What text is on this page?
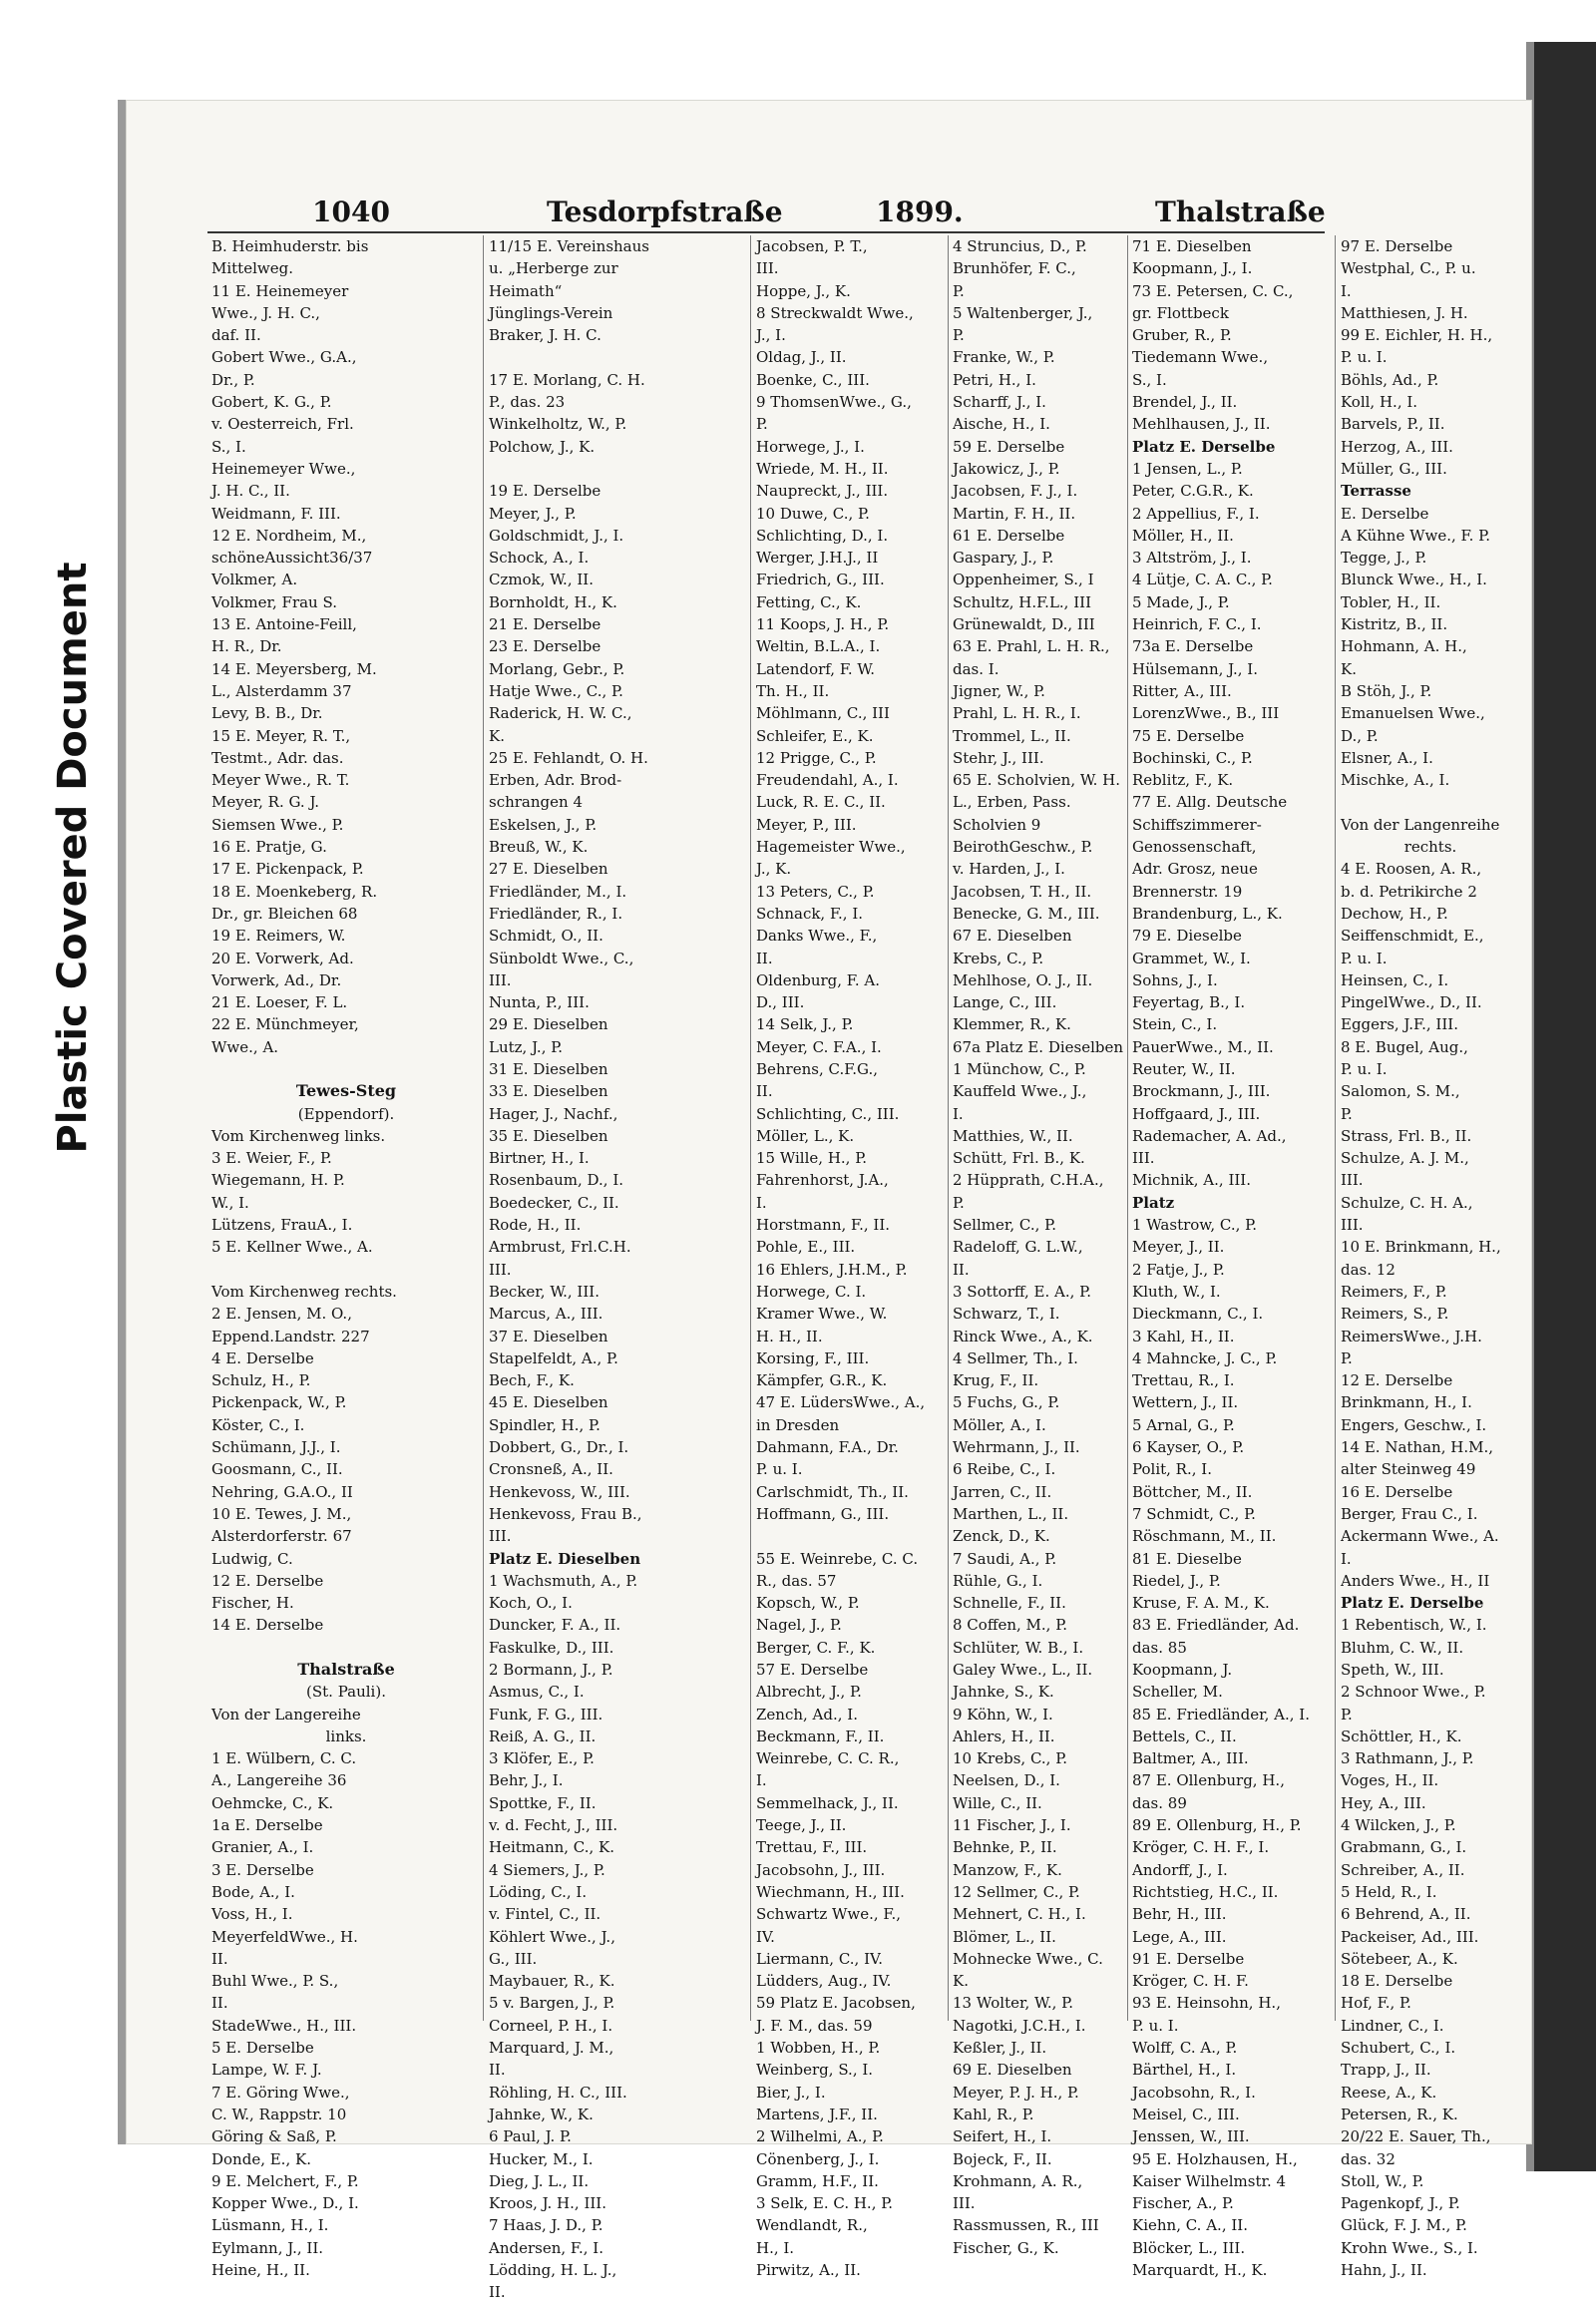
Plastic Covered Document
1040	Tesdorpfstraße	1899.	Thalstraße
B. Heimhuderstr. bis
Mittelweg.
11 E. Heinemeyer
Wwe., J. H. C.,
daf. II.
Gobert Wwe., G.A.,
Dr., P.
Gobert, K. G., P.
v. Oesterreich, Frl.
S., I.
Heinemeyer Wwe.,
J. H. C., II.
Weidmann, F. III.
12 E. Nordheim, M.,
schöneAussicht36/37
Volkmer, A.
Volkmer, Frau S.
13 E. Antoine-Feill,
H. R., Dr.
14 E. Meyersberg, M.
L., Alsterdamm 37
Levy, B. B., Dr.
15 E. Meyer, R. T.,
Testmt., Adr. das.
Meyer Wwe., R. T.
Meyer, R. G. J.
Siemsen Wwe., P.
16 E. Pratje, G.
17 E. Pickenpack, P.
18 E. Moenkeberg, R.
Dr., gr. Bleichen 68
19 E. Reimers, W.
20 E. Vorwerk, Ad.
Vorwerk, Ad., Dr.
21 E. Loeser, F. L.
22 E. Münchmeyer,
Wwe., A.
Tewes-Steg
(Eppendorf).
Vom Kirchenweg links.
3 E. Weier, F., P.
Wiegemann, H. P.
W., I.
Lützens, FrauA., I.
5 E. Kellner Wwe., A.
Vom Kirchenweg rechts.
2 E. Jensen, M. O.,
Eppend.Landstr. 227
4 E. Derselbe
Schulz, H., P.
Pickenpack, W., P.
Köster, C., I.
Schümann, J.J., I.
Goosmann, C., II.
Nehring, G.A.O., II
10 E. Tewes, J. M.,
Alsterdorferstr. 67
Ludwig, C.
12 E. Derselbe
Fischer, H.
14 E. Derselbe
Thalstraße
(St. Pauli).
Von der Langereihe
links.
1 E. Wülbern, C. C.
A., Langereihe 36
Oehmcke, C., K.
1a E. Derselbe
Granier, A., I.
3 E. Derselbe
Bode, A., I.
Voss, H., I.
MeyerfeldWwe., H.
II.
Buhl Wwe., P. S.,
II.
StadeWwe., H., III.
5 E. Derselbe
Lampe, W. F. J.
7 E. Göring Wwe.,
C. W., Rappstr. 10
Göring & Saß, P.
Donde, E., K.
9 E. Melchert, F., P.
Kopper Wwe., D., I.
Lüsmann, H., I.
Eylmann, J., II.
Heine, H., II.
11/15 E. Vereinshaus
u. „Herberge zur
Heimath“
Jünglings-Verein
Braker, J. H. C.
17 E. Morlang, C. H.
P., das. 23
Winkelholtz, W., P.
Polchow, J., K.
19 E. Derselbe
Meyer, J., P.
Goldschmidt, J., I.
Schock, A., I.
Czmok, W., II.
Bornholdt, H., K.
21 E. Derselbe
23 E. Derselbe
Morlang, Gebr., P.
Hatje Wwe., C., P.
Raderick, H. W. C.,
K.
25 E. Fehlandt, O. H.
Erben, Adr. Brod-
schrangen 4
Eskelsen, J., P.
Breuß, W., K.
27 E. Dieselben
Friedländer, M., I.
Friedländer, R., I.
Schmidt, O., II.
Sünboldt Wwe., C.,
III.
Nunta, P., III.
29 E. Dieselben
Lutz, J., P.
31 E. Dieselben
33 E. Dieselben
Hager, J., Nachf.,
35 E. Dieselben
Birtner, H., I.
Rosenbaum, D., I.
Boedecker, C., II.
Rode, H., II.
Armbrust, Frl.C.H.
III.
Becker, W., III.
Marcus, A., III.
37 E. Dieselben
Stapelfeldt, A., P.
Bech, F., K.
45 E. Dieselben
Spindler, H., P.
Dobbert, G., Dr., I.
Cronsneß, A., II.
Henkevoss, W., III.
Henkevoss, Frau B.,
III.
Platz E. Dieselben
1 Wachsmuth, A., P.
Koch, O., I.
Duncker, F. A., II.
Faskulke, D., III.
2 Bormann, J., P.
Asmus, C., I.
Funk, F. G., III.
Reiß, A. G., II.
3 Klöfer, E., P.
Behr, J., I.
Spottke, F., II.
v. d. Fecht, J., III.
Heitmann, C., K.
4 Siemers, J., P.
Löding, C., I.
v. Fintel, C., II.
Köhlert Wwe., J.,
G., III.
Maybauer, R., K.
5 v. Bargen, J., P.
Corneel, P. H., I.
Marquard, J. M.,
II.
Röhling, H. C., III.
Jahnke, W., K.
6 Paul, J. P.
Hucker, M., I.
Dieg, J. L., II.
Kroos, J. H., III.
7 Haas, J. D., P.
Andersen, F., I.
Lödding, H. L. J.,
II.
Jacobsen, P. T.,
III.
Hoppe, J., K.
8 Streckwaldt Wwe.,
J., I.
Oldag, J., II.
Boenke, C., III.
9 ThomsenWwe., G.,
P.
Horwege, J., I.
Wriede, M. H., II.
Naupreckt, J., III.
10 Duwe, C., P.
Schlichting, D., I.
Werger, J.H.J., II
Friedrich, G., III.
Fetting, C., K.
11 Koops, J. H., P.
Weltin, B.L.A., I.
Latendorf, F. W.
Th. H., II.
Möhlmann, C., III
Schleifer, E., K.
12 Prigge, C., P.
Freudendahl, A., I.
Luck, R. E. C., II.
Meyer, P., III.
Hagemeister Wwe.,
J., K.
13 Peters, C., P.
Schnack, F., I.
Danks Wwe., F.,
II.
Oldenburg, F. A.
D., III.
14 Selk, J., P.
Meyer, C. F.A., I.
Behrens, C.F.G.,
II.
Schlichting, C., III.
Möller, L., K.
15 Wille, H., P.
Fahrenhorst, J.A.,
I.
Horstmann, F., II.
Pohle, E., III.
16 Ehlers, J.H.M., P.
Horwege, C. I.
Kramer Wwe., W.
H. H., II.
Korsing, F., III.
Kämpfer, G.R., K.
47 E. LüdersWwe., A.,
in Dresden
Dahmann, F.A., Dr.
P. u. I.
Carlschmidt, Th., II.
Hoffmann, G., III.
55 E. Weinrebe, C. C.
R., das. 57
Kopsch, W., P.
Nagel, J., P.
Berger, C. F., K.
57 E. Derselbe
Albrecht, J., P.
Zench, Ad., I.
Beckmann, F., II.
Weinrebe, C. C. R.,
I.
Semmelhack, J., II.
Teege, J., II.
Trettau, F., III.
Jacobsohn, J., III.
Wiechmann, H., III.
Schwartz Wwe., F.,
IV.
Liermann, C., IV.
Lüdders, Aug., IV.
59 Platz E. Jacobsen,
J. F. M., das. 59
1 Wobben, H., P.
Weinberg, S., I.
Bier, J., I.
Martens, J.F., II.
2 Wilhelmi, A., P.
Cönenberg, J., I.
Gramm, H.F., II.
3 Selk, E. C. H., P.
Wendlandt, R.,
H., I.
Pirwitz, A., II.
4 Struncius, D., P.
Brunhöfer, F. C.,
P.
5 Waltenberger, J.,
P.
Franke, W., P.
Petri, H., I.
Scharff, J., I.
Aische, H., I.
59 E. Derselbe
Jakowicz, J., P.
Jacobsen, F. J., I.
Martin, F. H., II.
61 E. Derselbe
Gaspary, J., P.
Oppenheimer, S., I
Schultz, H.F.L., III
Grünewaldt, D., III
63 E. Prahl, L. H. R.,
das. I.
Jigner, W., P.
Prahl, L. H. R., I.
Trommel, L., II.
Stehr, J., III.
65 E. Scholvien, W. H.
L., Erben, Pass.
Scholvien 9
BeirothGeschw., P.
v. Harden, J., I.
Jacobsen, T. H., II.
Benecke, G. M., III.
67 E. Dieselben
Krebs, C., P.
Mehlhose, O. J., II.
Lange, C., III.
Klemmer, R., K.
67a Platz E. Dieselben
1 Münchow, C., P.
Kauffeld Wwe., J.,
I.
Matthies, W., II.
Schütt, Frl. B., K.
2 Hüpprath, C.H.A.,
P.
Sellmer, C., P.
Radeloff, G. L.W.,
II.
3 Sottorff, E. A., P.
Schwarz, T., I.
Rinck Wwe., A., K.
4 Sellmer, Th., I.
Krug, F., II.
5 Fuchs, G., P.
Möller, A., I.
Wehrmann, J., II.
6 Reibe, C., I.
Jarren, C., II.
Marthen, L., II.
Zenck, D., K.
7 Saudi, A., P.
Rühle, G., I.
Schnelle, F., II.
8 Coffen, M., P.
Schlüter, W. B., I.
Galey Wwe., L., II.
Jahnke, S., K.
9 Köhn, W., I.
Ahlers, H., II.
10 Krebs, C., P.
Neelsen, D., I.
Wille, C., II.
11 Fischer, J., I.
Behnke, P., II.
Manzow, F., K.
12 Sellmer, C., P.
Mehnert, C. H., I.
Blömer, L., II.
Mohnecke Wwe., C.
K.
13 Wolter, W., P.
Nagotki, J.C.H., I.
Keßler, J., II.
69 E. Dieselben
Meyer, P. J. H., P.
Kahl, R., P.
Seifert, H., I.
Bojeck, F., II.
Krohmann, A. R.,
III.
Rassmussen, R., III
Fischer, G., K.
71 E. Dieselben
Koopmann, J., I.
73 E. Petersen, C. C.,
gr. Flottbeck
Gruber, R., P.
Tiedemann Wwe.,
S., I.
Brendel, J., II.
Mehlhausen, J., II.
Platz E. Derselbe
1 Jensen, L., P.
Peter, C.G.R., K.
2 Appellius, F., I.
Möller, H., II.
3 Altström, J., I.
4 Lütje, C. A. C., P.
5 Made, J., P.
Heinrich, F. C., I.
73a E. Derselbe
Hülsemann, J., I.
Ritter, A., III.
LorenzWwe., B., III
75 E. Derselbe
Bochinski, C., P.
Reblitz, F., K.
77 E. Allg. Deutsche
Schiffszimmerer-
Genossenschaft,
Adr. Grosz, neue
Brennerstr. 19
Brandenburg, L., K.
79 E. Dieselbe
Grammet, W., I.
Sohns, J., I.
Feyertag, B., I.
Stein, C., I.
PauerWwe., M., II.
Reuter, W., II.
Brockmann, J., III.
Hoffgaard, J., III.
Rademacher, A. Ad.,
III.
Michnik, A., III.
Platz
1 Wastrow, C., P.
Meyer, J., II.
2 Fatje, J., P.
Kluth, W., I.
Dieckmann, C., I.
3 Kahl, H., II.
4 Mahncke, J. C., P.
Trettau, R., I.
Wettern, J., II.
5 Arnal, G., P.
6 Kayser, O., P.
Polit, R., I.
Böttcher, M., II.
7 Schmidt, C., P.
Röschmann, M., II.
81 E. Dieselbe
Riedel, J., P.
Kruse, F. A. M., K.
83 E. Friedländer, Ad.
das. 85
Koopmann, J.
Scheller, M.
85 E. Friedländer, A., I.
Bettels, C., II.
Baltmer, A., III.
87 E. Ollenburg, H.,
das. 89
89 E. Ollenburg, H., P.
Kröger, C. H. F., I.
Andorff, J., I.
Richtstieg, H.C., II.
Behr, H., III.
Lege, A., III.
91 E. Derselbe
Kröger, C. H. F.
93 E. Heinsohn, H.,
P. u. I.
Wolff, C. A., P.
Bärthel, H., I.
Jacobsohn, R., I.
Meisel, C., III.
Jenssen, W., III.
95 E. Holzhausen, H.,
Kaiser Wilhelmstr. 4
Fischer, A., P.
Kiehn, C. A., II.
Blöcker, L., III.
Marquardt, H., K.
97 E. Derselbe
Westphal, C., P. u.
I.
Matthiesen, J. H.
99 E. Eichler, H. H.,
P. u. I.
Böhls, Ad., P.
Koll, H., I.
Barvels, P., II.
Herzog, A., III.
Müller, G., III.
Terrasse
E. Derselbe
A Kühne Wwe., F. P.
Tegge, J., P.
Blunck Wwe., H., I.
Tobler, H., II.
Kistritz, B., II.
Hohmann, A. H.,
K.
B Stöh, J., P.
Emanuelsen Wwe.,
D., P.
Elsner, A., I.
Mischke, A., I.
Von der Langenreihe
rechts.
4 E. Roosen, A. R.,
b. d. Petrikirche 2
Dechow, H., P.
Seiffenschmidt, E.,
P. u. I.
Heinsen, C., I.
PingelWwe., D., II.
Eggers, J.F., III.
8 E. Bugel, Aug.,
P. u. I.
Salomon, S. M.,
P.
Strass, Frl. B., II.
Schulze, A. J. M.,
III.
Schulze, C. H. A.,
III.
10 E. Brinkmann, H.,
das. 12
Reimers, F., P.
Reimers, S., P.
ReimersWwe., J.H.
P.
12 E. Derselbe
Brinkmann, H., I.
Engers, Geschw., I.
14 E. Nathan, H.M.,
alter Steinweg 49
16 E. Derselbe
Berger, Frau C., I.
Ackermann Wwe., A.
I.
Anders Wwe., H., II
Platz E. Derselbe
1 Rebentisch, W., I.
Bluhm, C. W., II.
Speth, W., III.
2 Schnoor Wwe., P.
P.
Schöttler, H., K.
3 Rathmann, J., P.
Voges, H., II.
Hey, A., III.
4 Wilcken, J., P.
Grabmann, G., I.
Schreiber, A., II.
5 Held, R., I.
6 Behrend, A., II.
Packeiser, Ad., III.
Sötebeer, A., K.
18 E. Derselbe
Hof, F., P.
Lindner, C., I.
Schubert, C., I.
Trapp, J., II.
Reese, A., K.
Petersen, R., K.
20/22 E. Sauer, Th.,
das. 32
Stoll, W., P.
Pagenkopf, J., P.
Glück, F. J. M., P.
Krohn Wwe., S., I.
Hahn, J., II.
